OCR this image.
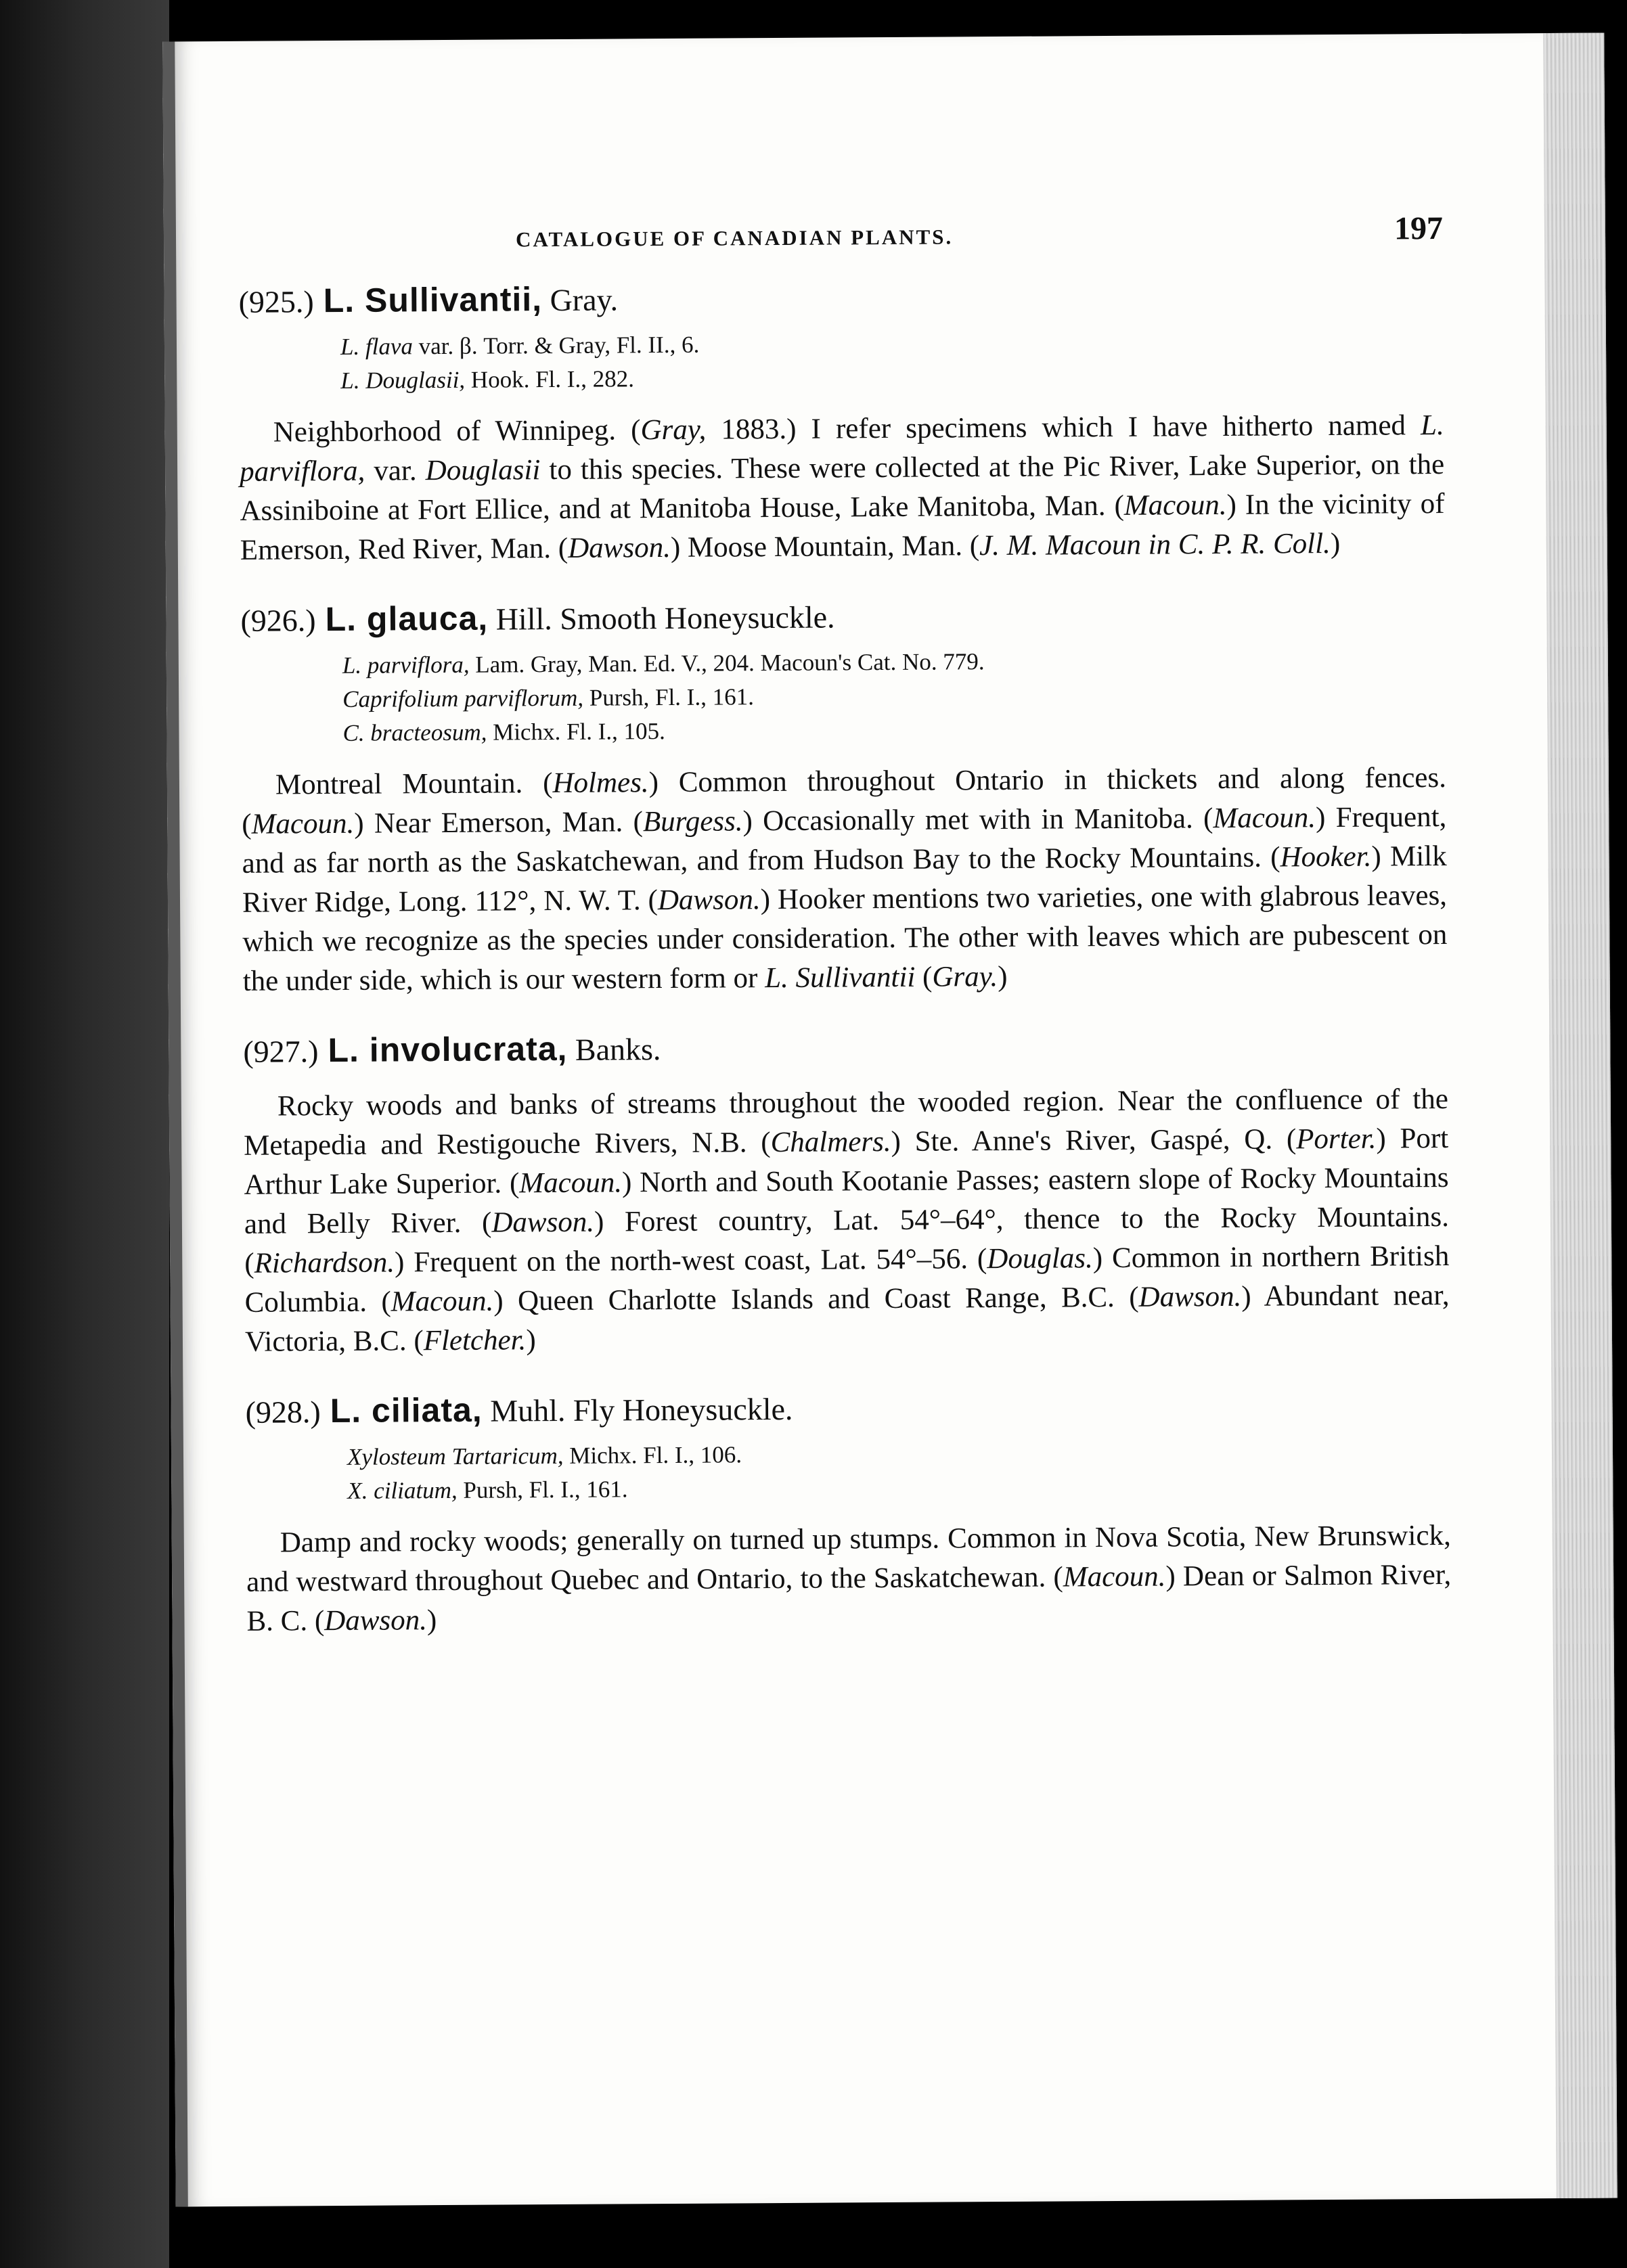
CATALOGUE OF CANADIAN PLANTS.	197
(925.) L. Sullivantii, Gray.
L. flava var. β. Torr. & Gray, Fl. II., 6.
L. Douglasii, Hook. Fl. I., 282.

Neighborhood of Winnipeg. (Gray, 1883.) I refer specimens which I have hitherto named L. parviflora, var. Douglasii to this species. These were collected at the Pic River, Lake Superior, on the Assiniboine at Fort Ellice, and at Manitoba House, Lake Manitoba, Man. (Macoun.) In the vicinity of Emerson, Red River, Man. (Dawson.) Moose Mountain, Man. (J. M. Macoun in C. P. R. Coll.)

(926.) L. glauca, Hill. Smooth Honeysuckle.
L. parviflora, Lam. Gray, Man. Ed. V., 204. Macoun's Cat. No. 779.
Caprifolium parviflorum, Pursh, Fl. I., 161.
C. bracteosum, Michx. Fl. I., 105.

Montreal Mountain. (Holmes.) Common throughout Ontario in thickets and along fences. (Macoun.) Near Emerson, Man. (Burgess.) Occasionally met with in Manitoba. (Macoun.) Frequent, and as far north as the Saskatchewan, and from Hudson Bay to the Rocky Mountains. (Hooker.) Milk River Ridge, Long. 112°, N. W. T. (Dawson.) Hooker mentions two varieties, one with glabrous leaves, which we recognize as the species under consideration. The other with leaves which are pubescent on the under side, which is our western form or L. Sullivantii (Gray.)

(927.) L. involucrata, Banks.

Rocky woods and banks of streams throughout the wooded region. Near the confluence of the Metapedia and Restigouche Rivers, N.B. (Chalmers.) Ste. Anne's River, Gaspé, Q. (Porter.) Port Arthur Lake Superior. (Macoun.) North and South Kootanie Passes; eastern slope of Rocky Mountains and Belly River. (Dawson.) Forest country, Lat. 54°–64°, thence to the Rocky Mountains. (Richardson.) Frequent on the north-west coast, Lat. 54°–56. (Douglas.) Common in northern British Columbia. (Macoun.) Queen Charlotte Islands and Coast Range, B.C. (Dawson.) Abundant near, Victoria, B.C. (Fletcher.)

(928.) L. ciliata, Muhl. Fly Honeysuckle.
Xylosteum Tartaricum, Michx. Fl. I., 106.
X. ciliatum, Pursh, Fl. I., 161.

Damp and rocky woods; generally on turned up stumps. Common in Nova Scotia, New Brunswick, and westward throughout Quebec and Ontario, to the Saskatchewan. (Macoun.) Dean or Salmon River, B. C. (Dawson.)
